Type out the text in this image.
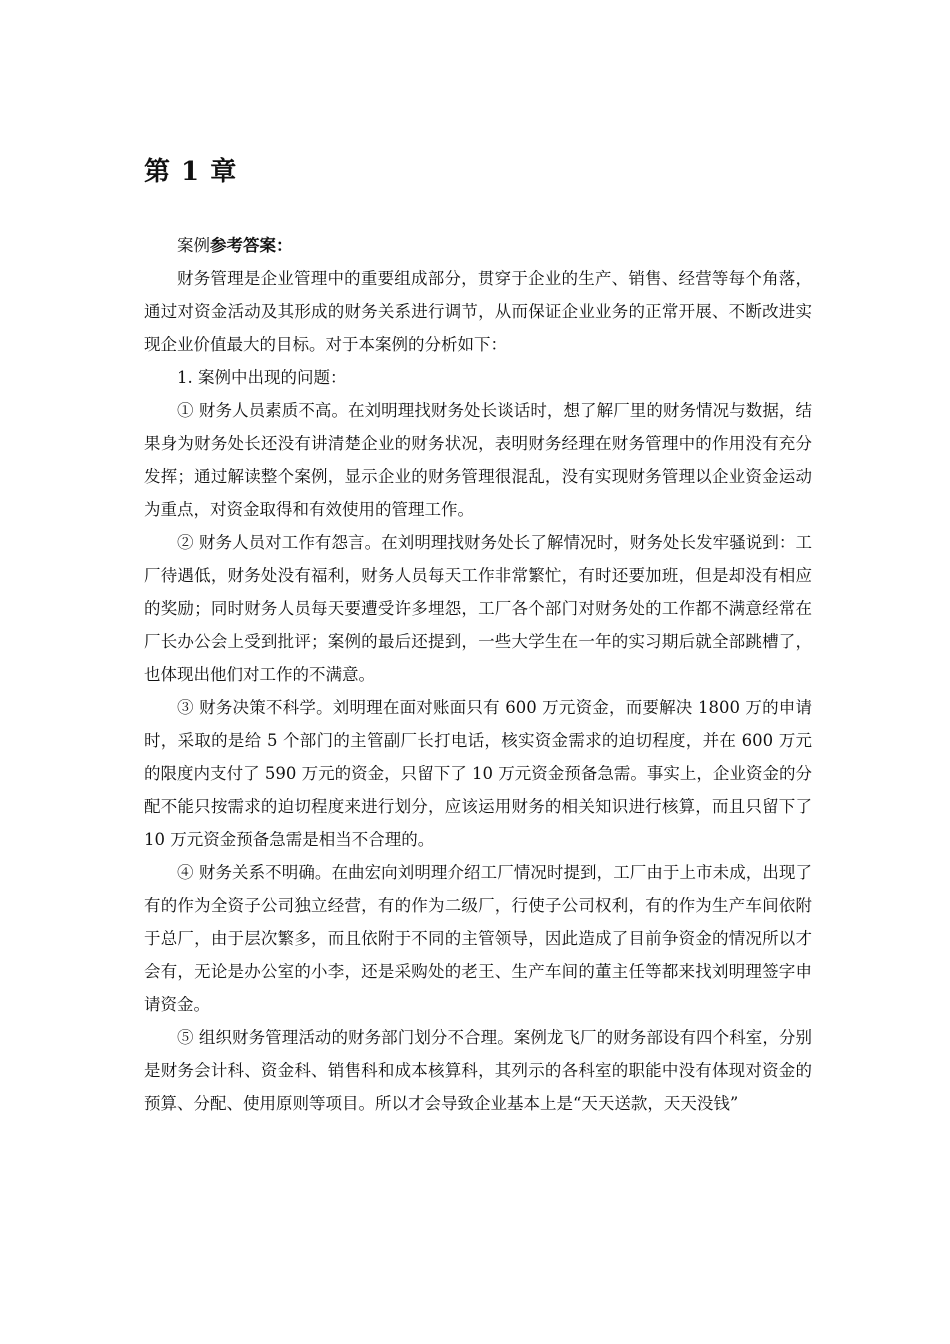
第 1 章

案例参考答案：

财务管理是企业管理中的重要组成部分，贯穿于企业的生产、销售、经营等每个角落，通过对资金活动及其形成的财务关系进行调节，从而保证企业业务的正常开展、不断改进实现企业价值最大的目标。对于本案例的分析如下：

1. 案例中出现的问题：

① 财务人员素质不高。在刘明理找财务处长谈话时，想了解厂里的财务情况与数据，结果身为财务处长还没有讲清楚企业的财务状况，表明财务经理在财务管理中的作用没有充分发挥；通过解读整个案例，显示企业的财务管理很混乱，没有实现财务管理以企业资金运动为重点，对资金取得和有效使用的管理工作。

② 财务人员对工作有怨言。在刘明理找财务处长了解情况时，财务处长发牢骚说到：工厂待遇低，财务处没有福利，财务人员每天工作非常繁忙，有时还要加班，但是却没有相应的奖励；同时财务人员每天要遭受许多埋怨，工厂各个部门对财务处的工作都不满意经常在厂长办公会上受到批评；案例的最后还提到，一些大学生在一年的实习期后就全部跳槽了，也体现出他们对工作的不满意。

③ 财务决策不科学。刘明理在面对账面只有 600 万元资金，而要解决 1800 万的申请时，采取的是给 5 个部门的主管副厂长打电话，核实资金需求的迫切程度，并在 600 万元的限度内支付了 590 万元的资金，只留下了 10 万元资金预备急需。事实上，企业资金的分配不能只按需求的迫切程度来进行划分，应该运用财务的相关知识进行核算，而且只留下了 10 万元资金预备急需是相当不合理的。

④ 财务关系不明确。在曲宏向刘明理介绍工厂情况时提到，工厂由于上市未成，出现了有的作为全资子公司独立经营，有的作为二级厂，行使子公司权利，有的作为生产车间依附于总厂，由于层次繁多，而且依附于不同的主管领导，因此造成了目前争资金的情况所以才会有，无论是办公室的小李，还是采购处的老王、生产车间的董主任等都来找刘明理签字申请资金。

⑤ 组织财务管理活动的财务部门划分不合理。案例龙飞厂的财务部设有四个科室，分别是财务会计科、资金科、销售科和成本核算科，其列示的各科室的职能中没有体现对资金的预算、分配、使用原则等项目。所以才会导致企业基本上是“天天送款，天天没钱”
